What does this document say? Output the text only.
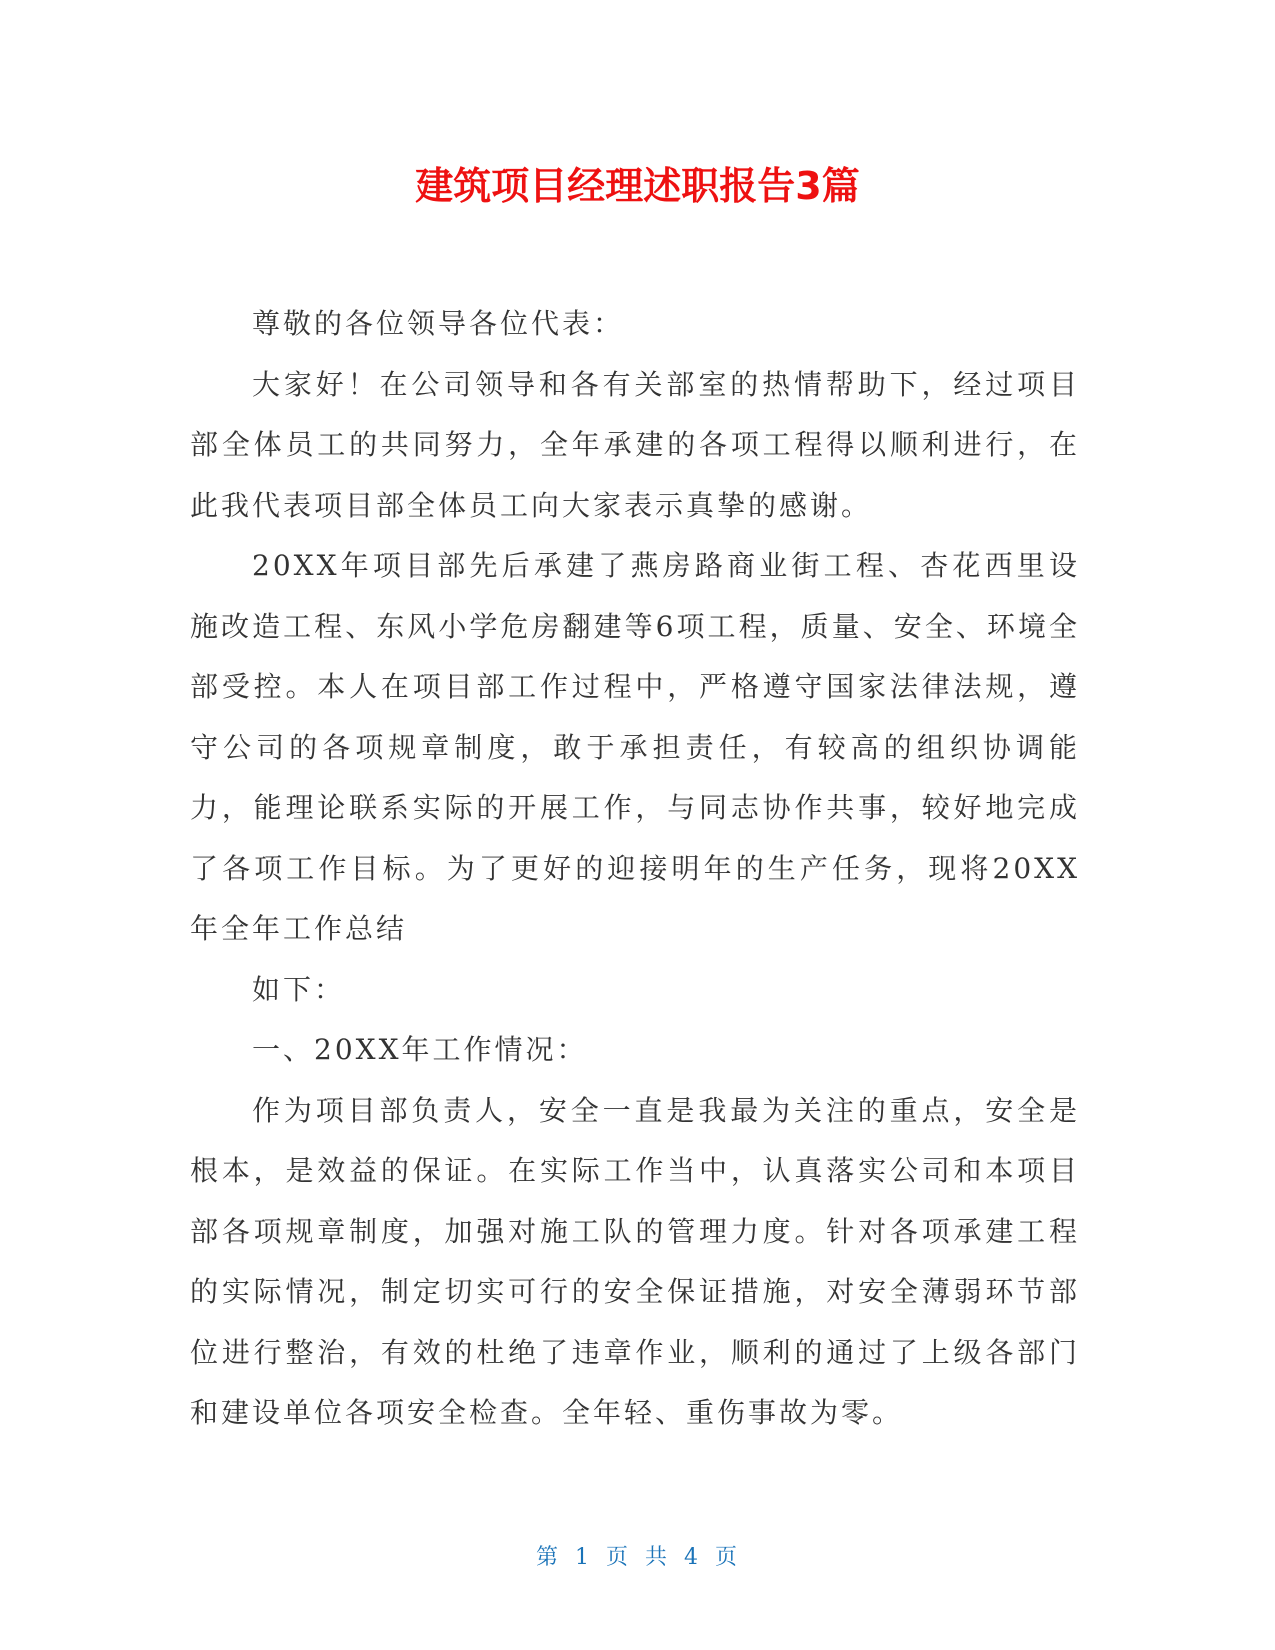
建筑项目经理述职报告3篇

尊敬的各位领导各位代表：

大家好！在公司领导和各有关部室的热情帮助下，经过项目部全体员工的共同努力，全年承建的各项工程得以顺利进行，在此我代表项目部全体员工向大家表示真挚的感谢。

20XX年项目部先后承建了燕房路商业街工程、杏花西里设施改造工程、东风小学危房翻建等6项工程，质量、安全、环境全部受控。本人在项目部工作过程中，严格遵守国家法律法规，遵守公司的各项规章制度，敢于承担责任，有较高的组织协调能力，能理论联系实际的开展工作，与同志协作共事，较好地完成了各项工作目标。为了更好的迎接明年的生产任务，现将20XX年全年工作总结

如下：

一、20XX年工作情况：

作为项目部负责人，安全一直是我最为关注的重点，安全是根本，是效益的保证。在实际工作当中，认真落实公司和本项目部各项规章制度，加强对施工队的管理力度。针对各项承建工程的实际情况，制定切实可行的安全保证措施，对安全薄弱环节部位进行整治，有效的杜绝了违章作业，顺利的通过了上级各部门和建设单位各项安全检查。全年轻、重伤事故为零。

第 1 页 共 4 页
